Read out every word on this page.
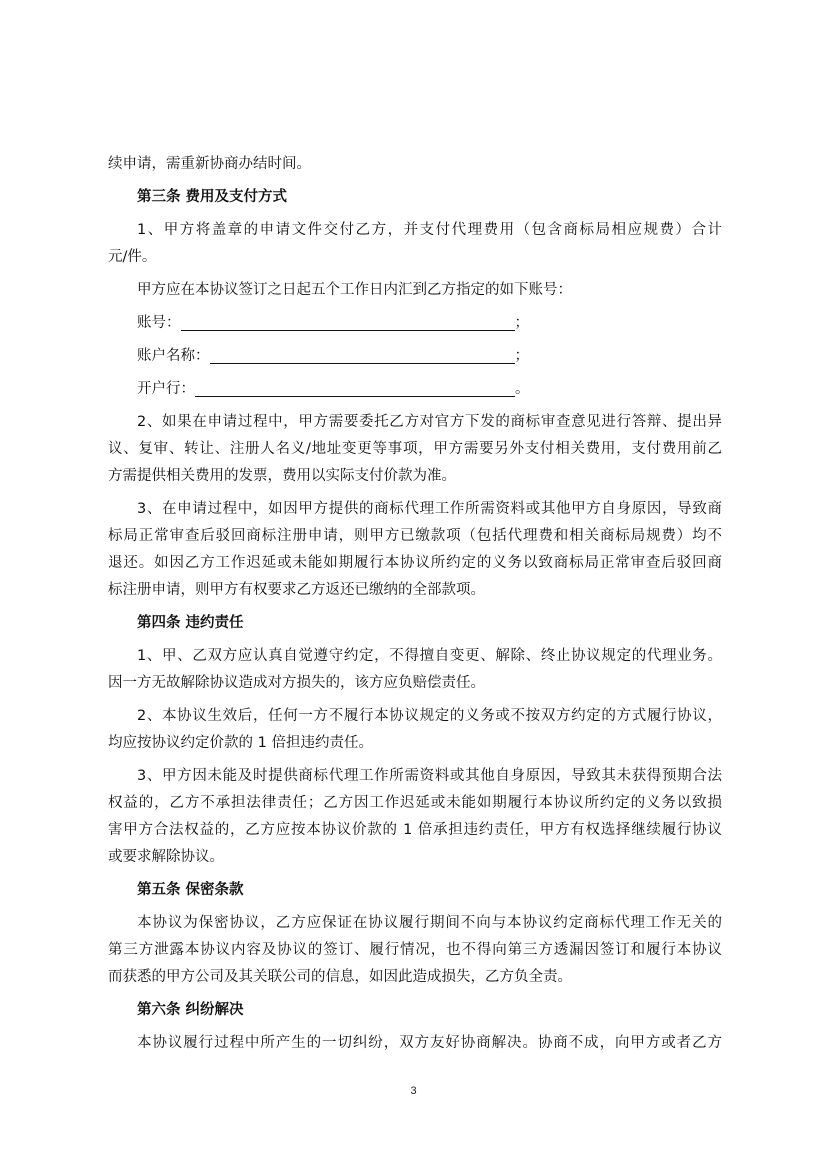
续申请，需重新协商办结时间。
第三条 费用及支付方式
1、甲方将盖章的申请文件交付乙方，并支付代理费用（包含商标局相应规费）合计
元/件。
甲方应在本协议签订之日起五个工作日内汇到乙方指定的如下账号：
账号：	；
账户名称：	；
开户行：	。
2、如果在申请过程中，甲方需要委托乙方对官方下发的商标审查意见进行答辩、提出异
议、复审、转让、注册人名义/地址变更等事项，甲方需要另外支付相关费用，支付费用前乙
方需提供相关费用的发票，费用以实际支付价款为准。
3、在申请过程中，如因甲方提供的商标代理工作所需资料或其他甲方自身原因，导致商
标局正常审查后驳回商标注册申请，则甲方已缴款项（包括代理费和相关商标局规费）均不
退还。如因乙方工作迟延或未能如期履行本协议所约定的义务以致商标局正常审查后驳回商
标注册申请，则甲方有权要求乙方返还已缴纳的全部款项。
第四条 违约责任
1、甲、乙双方应认真自觉遵守约定，不得擅自变更、解除、终止协议规定的代理业务。
因一方无故解除协议造成对方损失的，该方应负赔偿责任。
2、本协议生效后，任何一方不履行本协议规定的义务或不按双方约定的方式履行协议，
均应按协议约定价款的 1 倍担违约责任。
3、甲方因未能及时提供商标代理工作所需资料或其他自身原因，导致其未获得预期合法
权益的，乙方不承担法律责任；乙方因工作迟延或未能如期履行本协议所约定的义务以致损
害甲方合法权益的，乙方应按本协议价款的 1 倍承担违约责任，甲方有权选择继续履行协议
或要求解除协议。
第五条 保密条款
本协议为保密协议，乙方应保证在协议履行期间不向与本协议约定商标代理工作无关的
第三方泄露本协议内容及协议的签订、履行情况，也不得向第三方透漏因签订和履行本协议
而获悉的甲方公司及其关联公司的信息，如因此造成损失，乙方负全责。
第六条 纠纷解决
本协议履行过程中所产生的一切纠纷，双方友好协商解决。协商不成，向甲方或者乙方
3
